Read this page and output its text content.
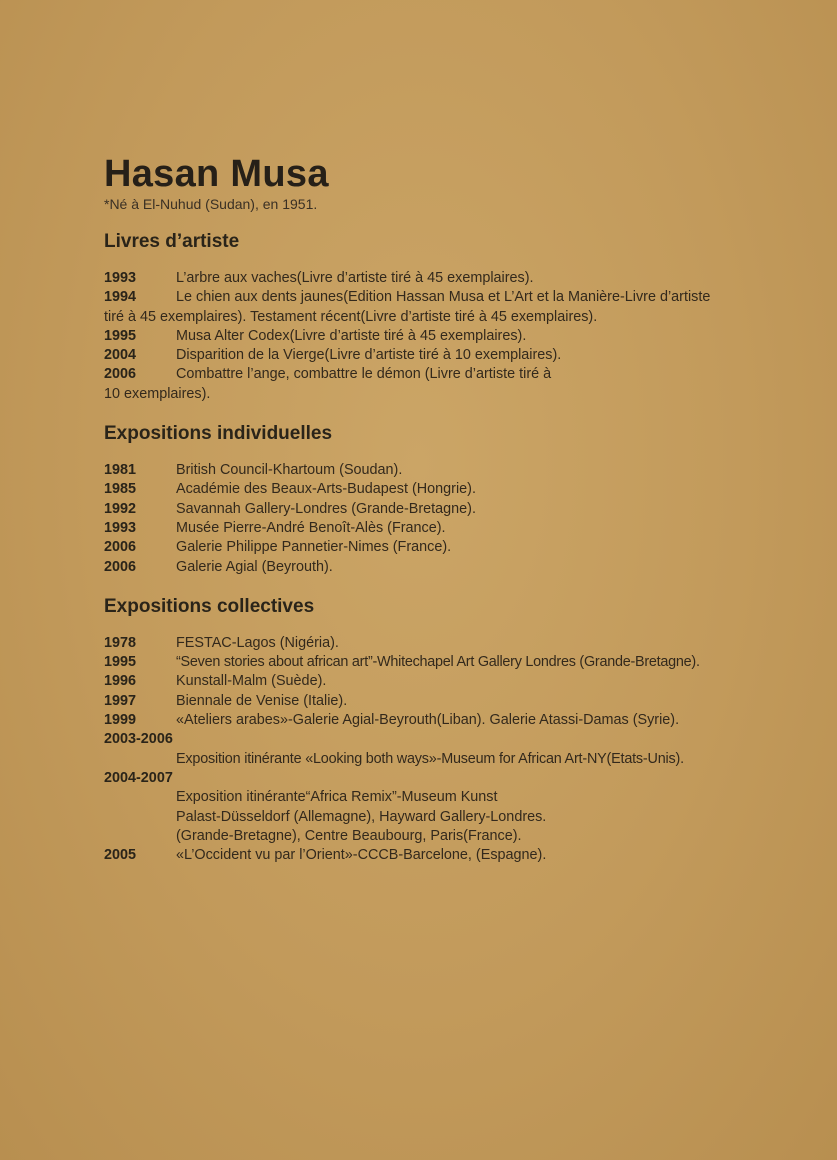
Hasan Musa

*Né à El-Nuhud (Sudan), en 1951.

Livres d’artiste
1993	L’arbre aux vaches(Livre d’artiste tiré à 45 exemplaires).
1994	Le chien aux dents jaunes(Edition Hassan Musa et L’Art et la Manière-Livre d’artiste
tiré à 45 exemplaires). Testament récent(Livre d’artiste tiré à 45 exemplaires).
1995	Musa Alter Codex(Livre d’artiste tiré à 45 exemplaires).
2004	Disparition de la Vierge(Livre d’artiste tiré à 10 exemplaires).
2006	Combattre l’ange, combattre le démon (Livre d’artiste tiré à
10 exemplaires).
Expositions individuelles
1981	British Council-Khartoum (Soudan).
1985	Académie des Beaux-Arts-Budapest (Hongrie).
1992	Savannah Gallery-Londres (Grande-Bretagne).
1993	Musée Pierre-André Benoît-Alès (France).
2006	Galerie Philippe Pannetier-Nimes (France).
2006	Galerie Agial (Beyrouth).
Expositions collectives
1978	FESTAC-Lagos (Nigéria).
1995	“Seven stories about african art”-Whitechapel Art Gallery Londres (Grande-Bretagne).
1996	Kunstall-Malm (Suède).
1997	Biennale de Venise (Italie).
1999	«Ateliers arabes»-Galerie Agial-Beyrouth(Liban). Galerie Atassi-Damas (Syrie).
2003-2006
Exposition itinérante «Looking both ways»-Museum for African Art-NY(Etats-Unis).
2004-2007
Exposition itinérante“Africa Remix”-Museum Kunst
Palast-Düsseldorf (Allemagne), Hayward Gallery-Londres.
(Grande-Bretagne), Centre Beaubourg, Paris(France).
2005	«L’Occident vu par l’Orient»-CCCB-Barcelone, (Espagne).
